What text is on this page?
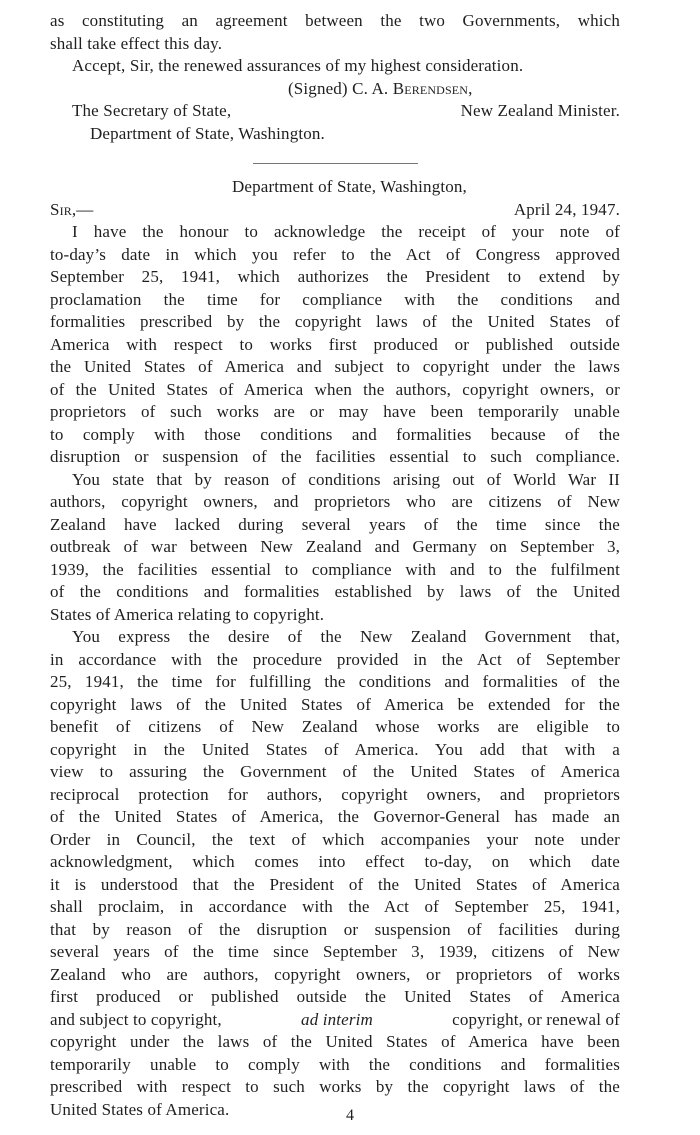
as constituting an agreement between the two Governments, which
shall take effect this day.
Accept, Sir, the renewed assurances of my highest consideration.
(Signed) C. A. Berendsen,
The Secretary of State,	New Zealand Minister.
Department of State, Washington.
Department of State, Washington,
Sir,—	April 24, 1947.
I have the honour to acknowledge the receipt of your note of
to-day’s date in which you refer to the Act of Congress approved
September 25, 1941, which authorizes the President to extend by
proclamation the time for compliance with the conditions and
formalities prescribed by the copyright laws of the United States of
America with respect to works first produced or published outside
the United States of America and subject to copyright under the laws
of the United States of America when the authors, copyright owners, or
proprietors of such works are or may have been temporarily unable
to comply with those conditions and formalities because of the
disruption or suspension of the facilities essential to such compliance.
You state that by reason of conditions arising out of World War II
authors, copyright owners, and proprietors who are citizens of New
Zealand have lacked during several years of the time since the
outbreak of war between New Zealand and Germany on September 3,
1939, the facilities essential to compliance with and to the fulfilment
of the conditions and formalities established by laws of the United
States of America relating to copyright.
You express the desire of the New Zealand Government that,
in accordance with the procedure provided in the Act of September
25, 1941, the time for fulfilling the conditions and formalities of the
copyright laws of the United States of America be extended for the
benefit of citizens of New Zealand whose works are eligible to
copyright in the United States of America. You add that with a
view to assuring the Government of the United States of America
reciprocal protection for authors, copyright owners, and proprietors
of the United States of America, the Governor-General has made an
Order in Council, the text of which accompanies your note under
acknowledgment, which comes into effect to-day, on which date
it is understood that the President of the United States of America
shall proclaim, in accordance with the Act of September 25, 1941,
that by reason of the disruption or suspension of facilities during
several years of the time since September 3, 1939, citizens of New
Zealand who are authors, copyright owners, or proprietors of works
first produced or published outside the United States of America
and subject to copyright,	ad interim	copyright, or renewal of
copyright under the laws of the United States of America have been
temporarily unable to comply with the conditions and formalities
prescribed with respect to such works by the copyright laws of the
United States of America.	4
